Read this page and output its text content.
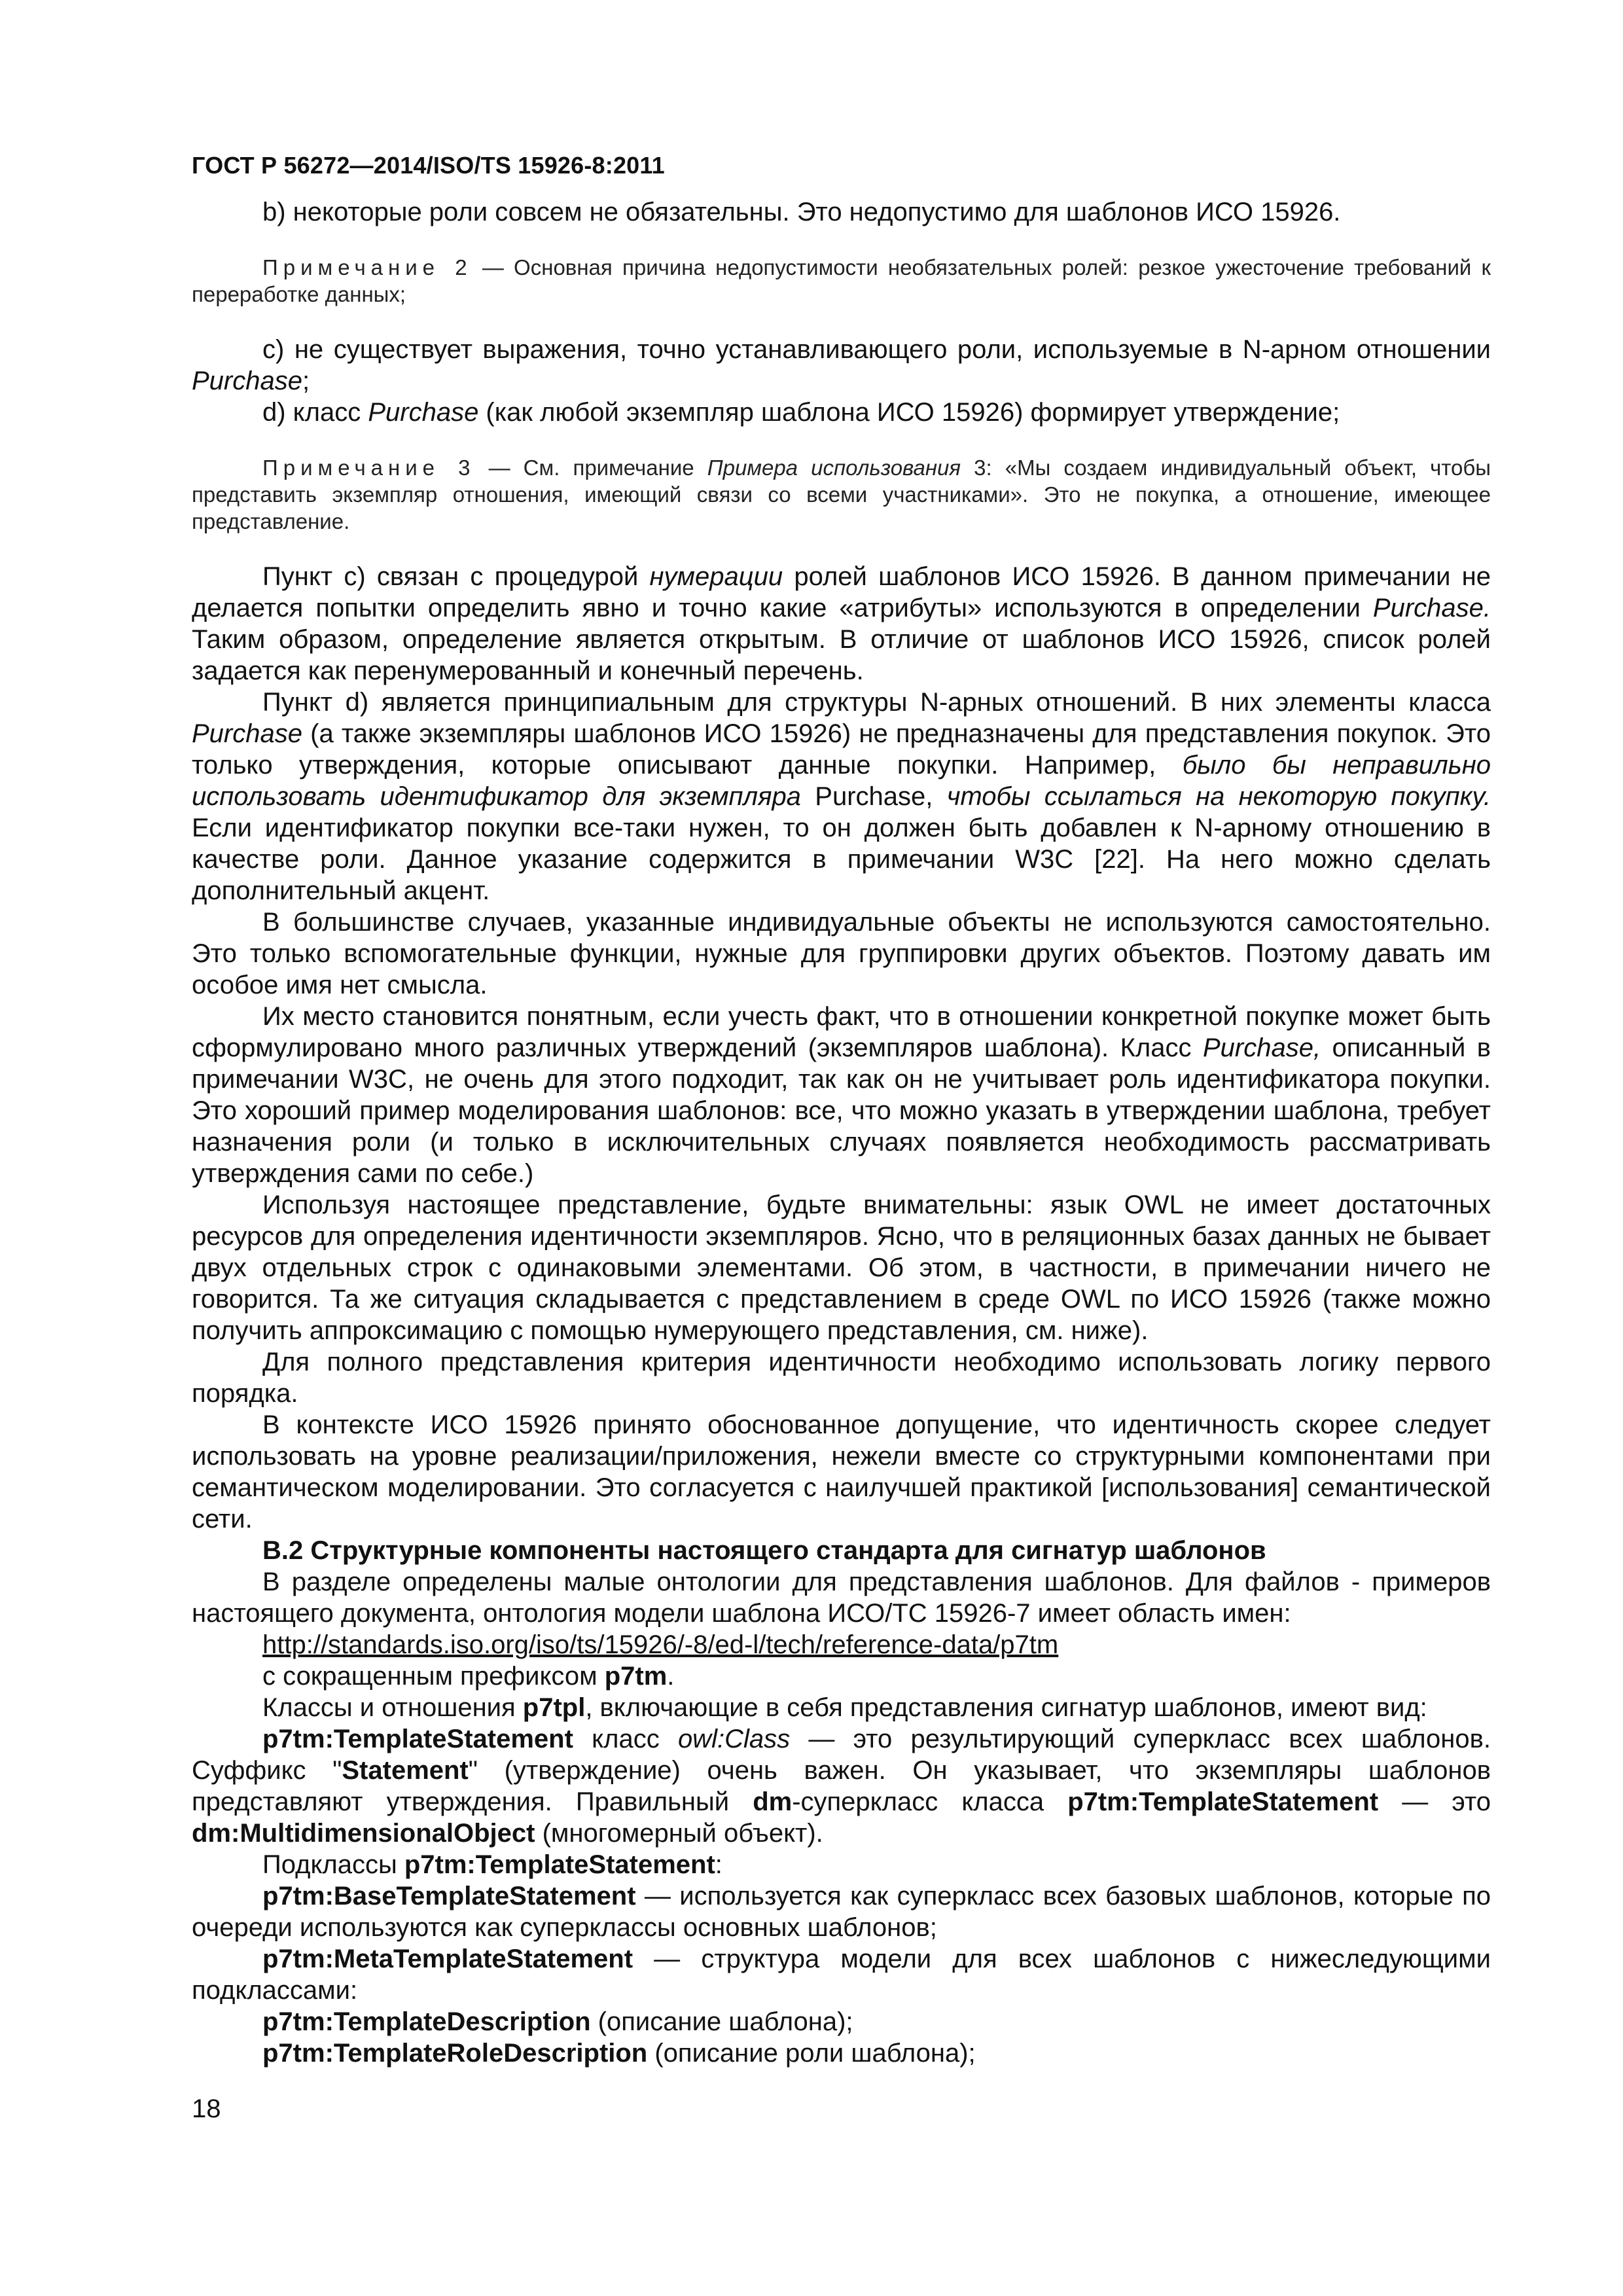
ГОСТ Р 56272—2014/ISO/TS 15926-8:2011

b) некоторые роли совсем не обязательны. Это недопустимо для шаблонов ИСО 15926.

Примечание 2 — Основная причина недопустимости необязательных ролей: резкое ужесточение требований к переработке данных;

c) не существует выражения, точно устанавливающего роли, используемые в N-арном отношении Purchase;

d) класс Purchase (как любой экземпляр шаблона ИСО 15926) формирует утверждение;

Примечание 3 — См. примечание Примера использования 3: «Мы создаем индивидуальный объект, чтобы представить экземпляр отношения, имеющий связи со всеми участниками». Это не покупка, а отношение, имеющее представление.

Пункт c) связан с процедурой нумерации ролей шаблонов ИСО 15926. В данном примечании не делается попытки определить явно и точно какие «атрибуты» используются в определении Purchase. Таким образом, определение является открытым. В отличие от шаблонов ИСО 15926, список ролей задается как перенумерованный и конечный перечень.

Пункт d) является принципиальным для структуры N-арных отношений. В них элементы класса Purchase (а также экземпляры шаблонов ИСО 15926) не предназначены для представления покупок. Это только утверждения, которые описывают данные покупки. Например, было бы неправильно использовать идентификатор для экземпляра Purchase, чтобы ссылаться на некоторую покупку. Если идентификатор покупки все-таки нужен, то он должен быть добавлен к N-арному отношению в качестве роли. Данное указание содержится в примечании W3C [22]. На него можно сделать дополнительный акцент.

В большинстве случаев, указанные индивидуальные объекты не используются самостоятельно. Это только вспомогательные функции, нужные для группировки других объектов. Поэтому давать им особое имя нет смысла.

Их место становится понятным, если учесть факт, что в отношении конкретной покупке может быть сформулировано много различных утверждений (экземпляров шаблона). Класс Purchase, описанный в примечании W3C, не очень для этого подходит, так как он не учитывает роль идентификатора покупки. Это хороший пример моделирования шаблонов: все, что можно указать в утверждении шаблона, требует назначения роли (и только в исключительных случаях появляется необходимость рассматривать утверждения сами по себе.)

Используя настоящее представление, будьте внимательны: язык OWL не имеет достаточных ресурсов для определения идентичности экземпляров. Ясно, что в реляционных базах данных не бывает двух отдельных строк с одинаковыми элементами. Об этом, в частности, в примечании ничего не говорится. Та же ситуация складывается с представлением в среде OWL по ИСО 15926 (также можно получить аппроксимацию с помощью нумерующего представления, см. ниже).

Для полного представления критерия идентичности необходимо использовать логику первого порядка.

В контексте ИСО 15926 принято обоснованное допущение, что идентичность скорее следует использовать на уровне реализации/приложения, нежели вместе со структурными компонентами при семантическом моделировании. Это согласуется с наилучшей практикой [использования] семантической сети.

B.2 Структурные компоненты настоящего стандарта для сигнатур шаблонов

В разделе определены малые онтологии для представления шаблонов. Для файлов - примеров настоящего документа, онтология модели шаблона ИСО/ТС 15926-7 имеет область имен:

http://standards.iso.org/iso/ts/15926/-8/ed-l/tech/reference-data/p7tm

с сокращенным префиксом p7tm.

Классы и отношения p7tpl, включающие в себя представления сигнатур шаблонов, имеют вид:

p7tm:TemplateStatement класс owl:Class — это результирующий суперкласс всех шаблонов. Суффикс "Statement" (утверждение) очень важен. Он указывает, что экземпляры шаблонов представляют утверждения. Правильный dm-суперкласс класса p7tm:TemplateStatement — это dm:MultidimensionalObject (многомерный объект).

Подклассы p7tm:TemplateStatement:

p7tm:BaseTemplateStatement — используется как суперкласс всех базовых шаблонов, которые по очереди используются как суперклассы основных шаблонов;

p7tm:MetaTemplateStatement — структура модели для всех шаблонов с нижеследующими подклассами:

p7tm:TemplateDescription (описание шаблона);

p7tm:TemplateRoleDescription (описание роли шаблона);

18
